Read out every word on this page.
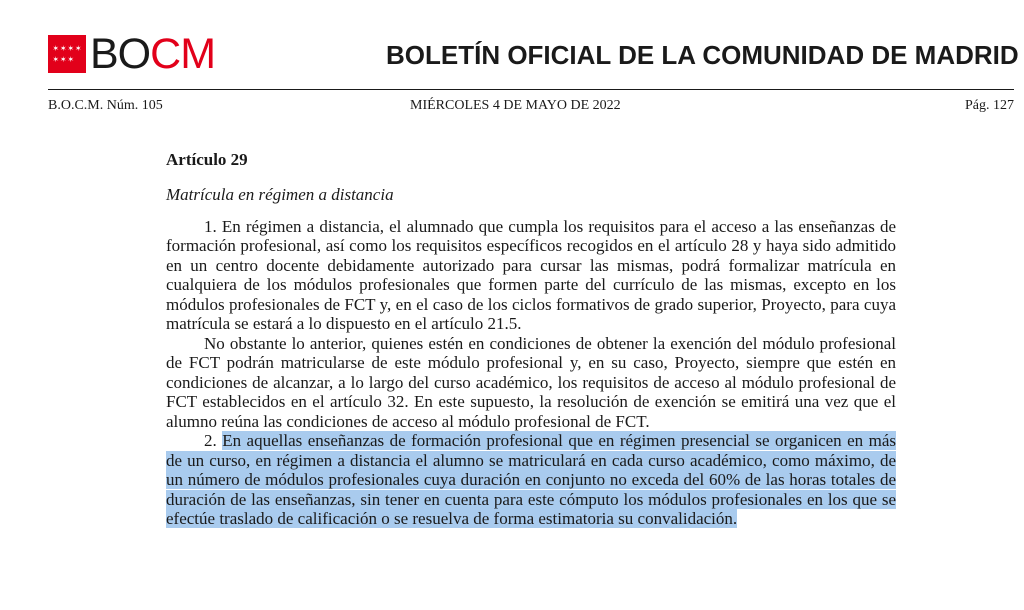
✶ ✶ ✶ ✶
✶ ✶ ✶ BOCM	BOLETÍN OFICIAL DE LA COMUNIDAD DE MADRID
B.O.C.M. Núm. 105	MIÉRCOLES 4 DE MAYO DE 2022	Pág. 127
Artículo 29
Matrícula en régimen a distancia

1. En régimen a distancia, el alumnado que cumpla los requisitos para el acceso a las enseñanzas de formación profesional, así como los requisitos específicos recogidos en el artículo 28 y haya sido admitido en un centro docente debidamente autorizado para cursar las mismas, podrá formalizar matrícula en cualquiera de los módulos profesionales que formen parte del currículo de las mismas, excepto en los módulos profesionales de FCT y, en el caso de los ciclos formativos de grado superior, Proyecto, para cuya matrícula se estará a lo dispuesto en el artículo 21.5.

No obstante lo anterior, quienes estén en condiciones de obtener la exención del módulo profesional de FCT podrán matricularse de este módulo profesional y, en su caso, Proyecto, siempre que estén en condiciones de alcanzar, a lo largo del curso académico, los requisitos de acceso al módulo profesional de FCT establecidos en el artículo 32. En este supuesto, la resolución de exención se emitirá una vez que el alumno reúna las condiciones de acceso al módulo profesional de FCT.

2. En aquellas enseñanzas de formación profesional que en régimen presencial se organicen en más de un curso, en régimen a distancia el alumno se matriculará en cada curso académico, como máximo, de un número de módulos profesionales cuya duración en conjunto no exceda del 60% de las horas totales de duración de las enseñanzas, sin tener en cuenta para este cómputo los módulos profesionales en los que se efectúe traslado de calificación o se resuelva de forma estimatoria su convalidación.
